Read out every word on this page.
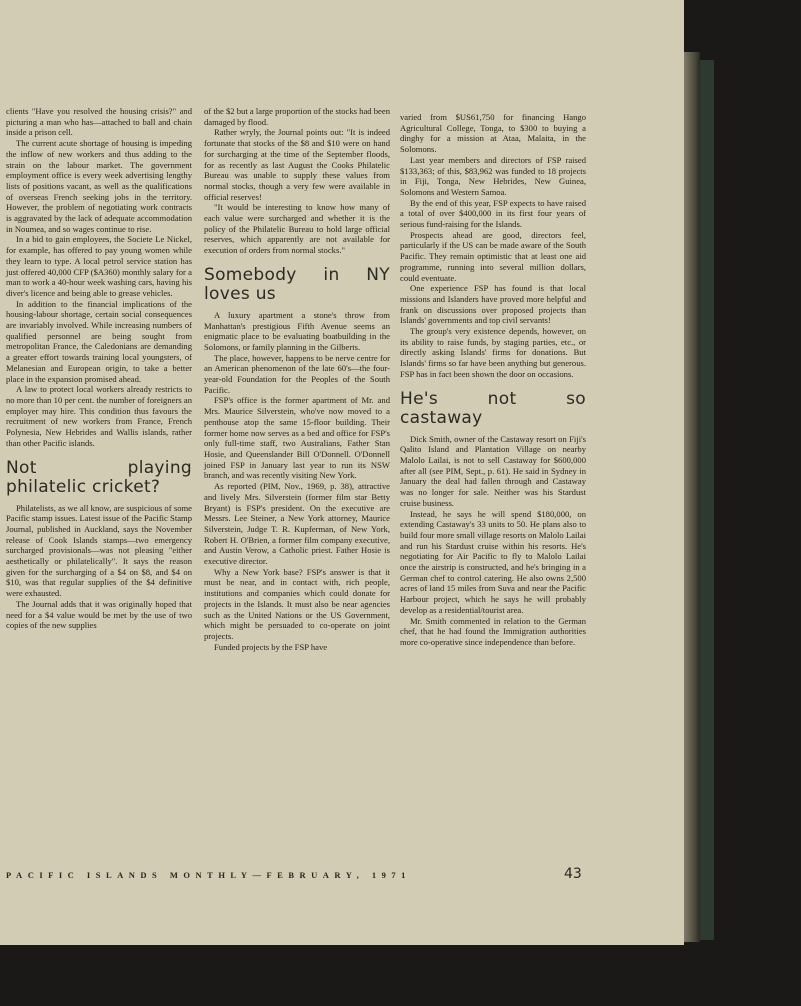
clients "Have you resolved the housing crisis?" and picturing a man who has—attached to ball and chain inside a prison cell.

The current acute shortage of housing is impeding the inflow of new workers and thus adding to the strain on the labour market. The government employment office is every week advertising lengthy lists of positions vacant, as well as the qualifications of overseas French seeking jobs in the territory. However, the problem of negotiating work contracts is aggravated by the lack of adequate accommodation in Noumea, and so wages continue to rise.

In a bid to gain employees, the Societe Le Nickel, for example, has offered to pay young women while they learn to type. A local petrol service station has just offered 40,000 CFP ($A360) monthly salary for a man to work a 40-hour week washing cars, having his diver's licence and being able to grease vehicles.

In addition to the financial implications of the housing-labour shortage, certain social consequences are invariably involved. While increasing numbers of qualified personnel are being sought from metropolitan France, the Caledonians are demanding a greater effort towards training local youngsters, of Melanesian and European origin, to take a better place in the expansion promised ahead.

A law to protect local workers already restricts to no more than 10 per cent. the number of foreigners an employer may hire. This condition thus favours the recruitment of new workers from France, French Polynesia, New Hebrides and Wallis islands, rather than other Pacific islands.

Not playing philatelic cricket?

Philatelists, as we all know, are suspicious of some Pacific stamp issues. Latest issue of the Pacific Stamp Journal, published in Auckland, says the November release of Cook Islands stamps—two emergency surcharged provisionals—was not pleasing "either aesthetically or philatelically". It says the reason given for the surcharging of a $4 on $8, and $4 on $10, was that regular supplies of the $4 definitive were exhausted.

The Journal adds that it was originally hoped that need for a $4 value would be met by the use of two copies of the new supplies

of the $2 but a large proportion of the stocks had been damaged by flood.

Rather wryly, the Journal points out: "It is indeed fortunate that stocks of the $8 and $10 were on hand for surcharging at the time of the September floods, for as recently as last August the Cooks Philatelic Bureau was unable to supply these values from normal stocks, though a very few were available in official reserves!

"It would be interesting to know how many of each value were surcharged and whether it is the policy of the Philatelic Bureau to hold large official reserves, which apparently are not available for execution of orders from normal stocks."

Somebody in NY loves us

A luxury apartment a stone's throw from Manhattan's prestigious Fifth Avenue seems an enigmatic place to be evaluating boatbuilding in the Solomons, or family planning in the Gilberts.

The place, however, happens to be nerve centre for an American phenomenon of the late 60's—the four-year-old Foundation for the Peoples of the South Pacific.

FSP's office is the former apartment of Mr. and Mrs. Maurice Silverstein, who've now moved to a penthouse atop the same 15-floor building. Their former home now serves as a bed and office for FSP's only full-time staff, two Australians, Father Stan Hosie, and Queenslander Bill O'Donnell. O'Donnell joined FSP in January last year to run its NSW branch, and was recently visiting New York.

As reported (PIM, Nov., 1969, p. 38), attractive and lively Mrs. Silverstein (former film star Betty Bryant) is FSP's president. On the executive are Messrs. Lee Steiner, a New York attorney, Maurice Silverstein, Judge T. R. Kupferman, of New York, Robert H. O'Brien, a former film company executive, and Austin Verow, a Catholic priest. Father Hosie is executive director.

Why a New York base? FSP's answer is that it must be near, and in contact with, rich people, institutions and companies which could donate for projects in the Islands. It must also be near agencies such as the United Nations or the US Government, which might be persuaded to co-operate on joint projects.

Funded projects by the FSP have

varied from $US61,750 for financing Hango Agricultural College, Tonga, to $300 to buying a dinghy for a mission at Ataa, Malaita, in the Solomons.

Last year members and directors of FSP raised $133,363; of this, $83,962 was funded to 18 projects in Fiji, Tonga, New Hebrides, New Guinea, Solomons and Western Samoa.

By the end of this year, FSP expects to have raised a total of over $400,000 in its first four years of serious fund-raising for the Islands.

Prospects ahead are good, directors feel, particularly if the US can be made aware of the South Pacific. They remain optimistic that at least one aid programme, running into several million dollars, could eventuate.

One experience FSP has found is that local missions and Islanders have proved more helpful and frank on discussions over proposed projects than Islands' governments and top civil servants!

The group's very existence depends, however, on its ability to raise funds, by staging parties, etc., or directly asking Islands' firms for donations. But Islands' firms so far have been anything but generous. FSP has in fact been shown the door on occasions.

He's not so castaway

Dick Smith, owner of the Castaway resort on Fiji's Qalito Island and Plantation Village on nearby Malolo Lailai, is not to sell Castaway for $600,000 after all (see PIM, Sept., p. 61). He said in Sydney in January the deal had fallen through and Castaway was no longer for sale. Neither was his Stardust cruise business.

Instead, he says he will spend $180,000, on extending Castaway's 33 units to 50. He plans also to build four more small village resorts on Malolo Lailai and run his Stardust cruise within his resorts. He's negotiating for Air Pacific to fly to Malolo Lailai once the airstrip is constructed, and he's bringing in a German chef to control catering. He also owns 2,500 acres of land 15 miles from Suva and near the Pacific Harbour project, which he says he will probably develop as a residential/tourist area.

Mr. Smith commented in relation to the German chef, that he had found the Immigration authorities more co-operative since independence than before.

PACIFIC ISLANDS MONTHLY—FEBRUARY, 1971	43
